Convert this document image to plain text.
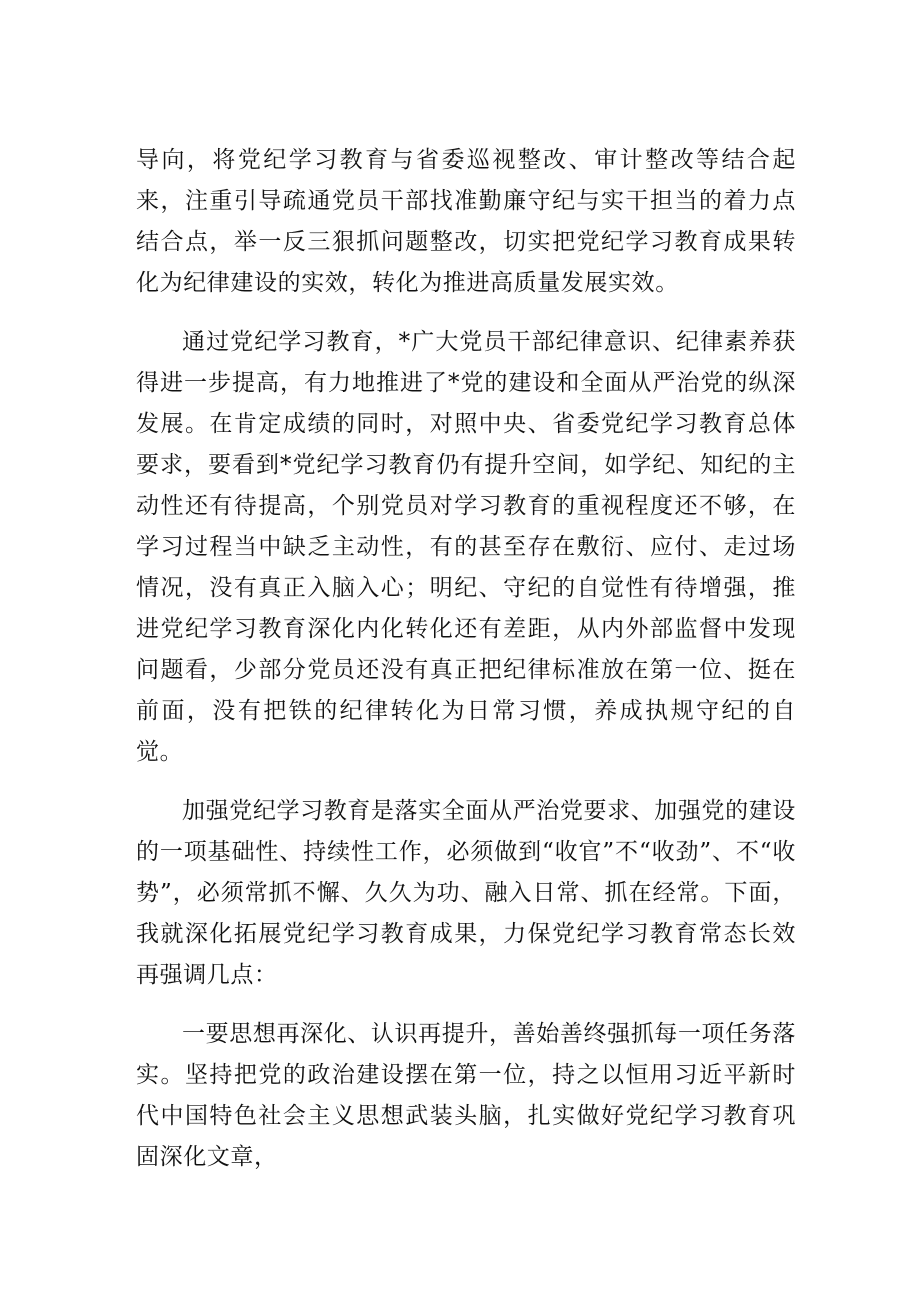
导向，将党纪学习教育与省委巡视整改、审计整改等结合起来，注重引导疏通党员干部找准勤廉守纪与实干担当的着力点结合点，举一反三狠抓问题整改，切实把党纪学习教育成果转化为纪律建设的实效，转化为推进高质量发展实效。

通过党纪学习教育，*广大党员干部纪律意识、纪律素养获得进一步提高，有力地推进了*党的建设和全面从严治党的纵深发展。在肯定成绩的同时，对照中央、省委党纪学习教育总体要求，要看到*党纪学习教育仍有提升空间，如学纪、知纪的主动性还有待提高，个别党员对学习教育的重视程度还不够，在学习过程当中缺乏主动性，有的甚至存在敷衍、应付、走过场情况，没有真正入脑入心；明纪、守纪的自觉性有待增强，推进党纪学习教育深化内化转化还有差距，从内外部监督中发现问题看，少部分党员还没有真正把纪律标准放在第一位、挺在前面，没有把铁的纪律转化为日常习惯，养成执规守纪的自觉。

加强党纪学习教育是落实全面从严治党要求、加强党的建设的一项基础性、持续性工作，必须做到“收官”不“收劲”、不“收势”，必须常抓不懈、久久为功、融入日常、抓在经常。下面，我就深化拓展党纪学习教育成果，力保党纪学习教育常态长效再强调几点：

一要思想再深化、认识再提升，善始善终强抓每一项任务落实。坚持把党的政治建设摆在第一位，持之以恒用习近平新时代中国特色社会主义思想武装头脑，扎实做好党纪学习教育巩固深化文章，
